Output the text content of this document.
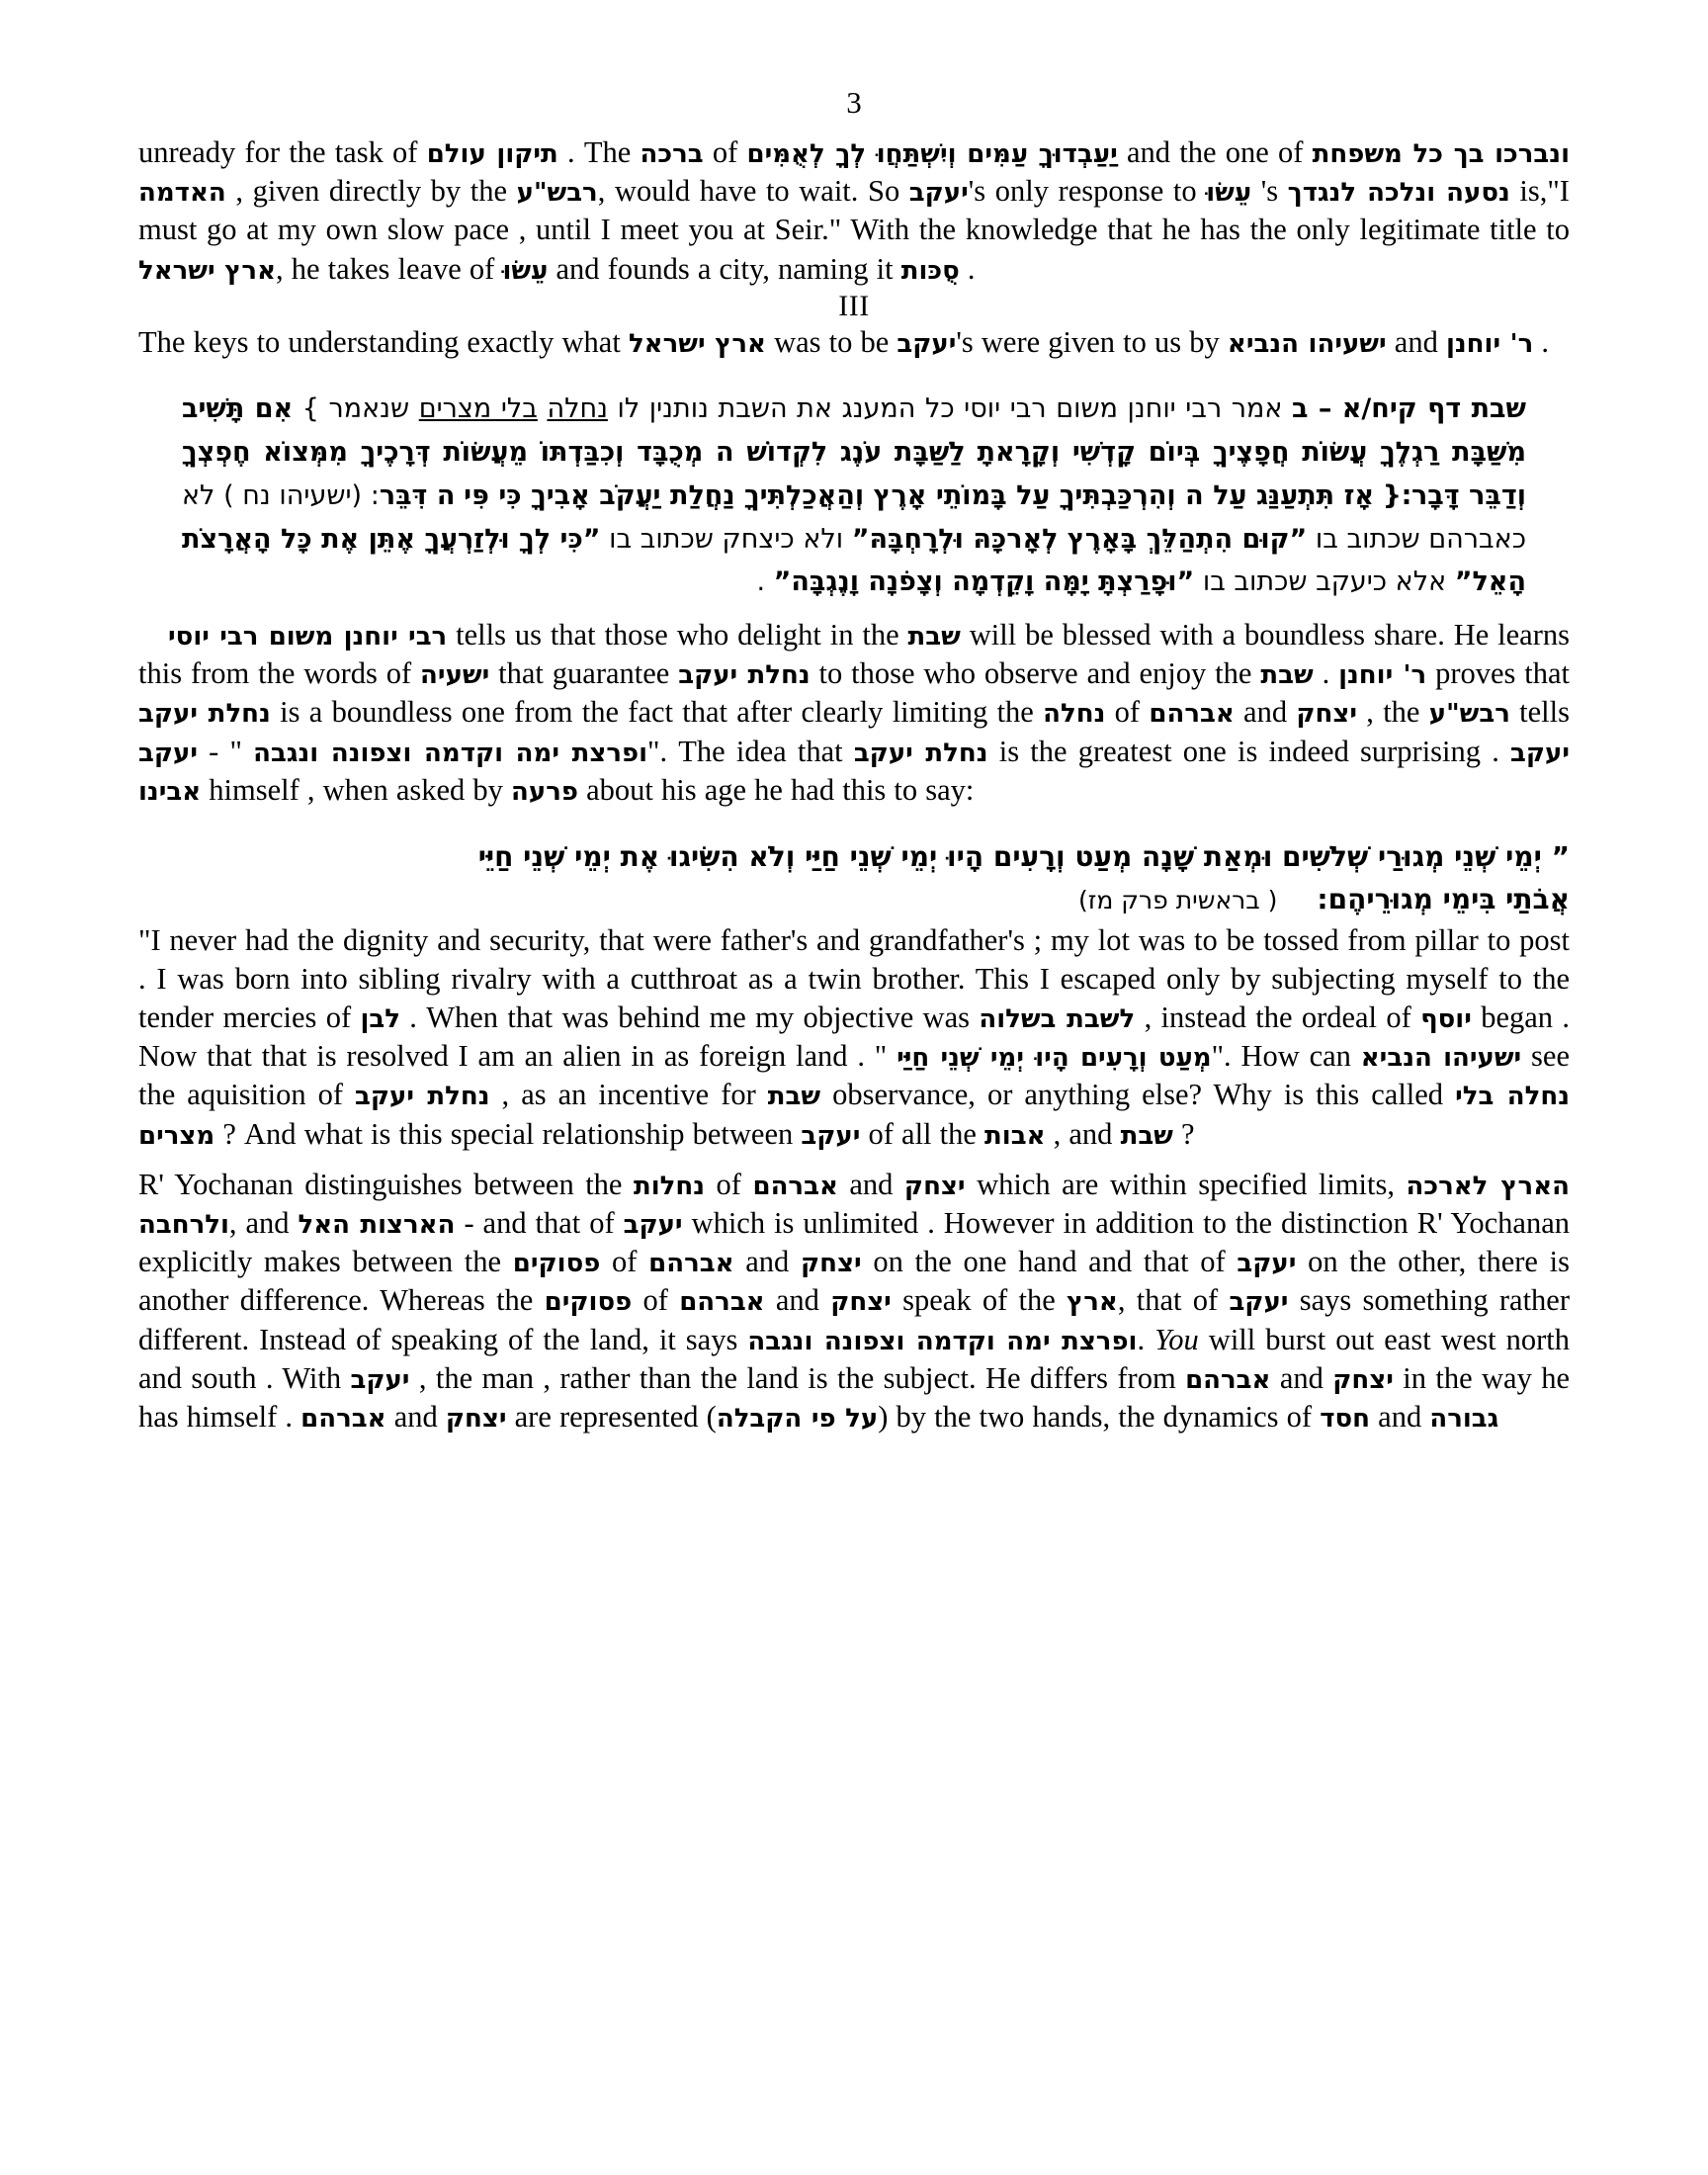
3

unready for the task of תיקון עולם . The ברכה of יַעַבְדוּךָ עַמִּים וְיִשְׁתַּחֲוּ לְךָ לְאֻמִּים and the one of ונברכו בך כל משפחת האדמה , given directly by the רבש"ע, would have to wait. So יעקב's only response to עֵשׂוּ 's נסעה ונלכה לנגדך is,"I must go at my own slow pace , until I meet you at Seir." With the knowledge that he has the only legitimate title to ארץ ישראל, he takes leave of עֵשׂוּ and founds a city, naming it סֻכּות .

III

The keys to understanding exactly what ארץ ישראל was to be יעקב's were given to us by ישעיהו הנביא and ר' יוחנן .

שבת דף קיח/א – ב אמר רבי יוחנן משום רבי יוסי כל המענג את השבת נותנין לו נחלה בלי מצרים שנאמר } אִם תָּשִׁיב מִשַּׁבָּת רַגְלֶךָ עֲשׂוֹת חֲפָצֶיךָ בְּיוֹם קָדְשִׁי וְקָרָאתָ לַשַּׁבָּת עֹנֶג לִקְדוֹשׁ ה מְכֻבָּד וְכִבַּדְתּוֹ מֵעֲשׂוֹת דְּרָכֶיךָ מִמְּצוֹא חֶפְצְךָ וְדַבֵּר דָּבָר׃{ אָז תִּתְעַנַּג עַל ה וְהִרְכַּבְתִּיךָ עַל בָּמוֹתֵי אָרֶץ וְהַאֲכַלְתִּיךָ נַחֲלַת יַעֲקֹב אָבִיךָ כִּי פִּי ה דִּבֵּר: (ישעיהו נח ) לא כאברהם שכתוב בו ”קוּם הִתְהַלֵּךְ בָּאָרֶץ לְאָרכָּהּ וּלְרָחְבָּהּ” ולא כיצחק שכתוב בו ”כִּי לְךָ וּלְזַרְעֲךָ אֶתֵּן אֶת כָּל הָאֲרָצֹת הָאֵל” אלא כיעקב שכתוב בו ”וּפָרַצְתָּ יָמָּה וָקֵדְמָה וְצָפֹנָה וָנֶגְבָּה” .

רבי יוחנן משום רבי יוסי tells us that those who delight in the שבת will be blessed with a boundless share. He learns this from the words of ישעיה that guarantee נחלת יעקב to those who observe and enjoy the שבת . ר' יוחנן proves that נחלת יעקב is a boundless one from the fact that after clearly limiting the נחלה of אברהם and יצחק , the רבש"ע tells יעקב - " ופרצת ימה וקדמה וצפונה ונגבה". The idea that נחלת יעקב is the greatest one is indeed surprising . יעקב אבינו himself , when asked by פרעה about his age he had this to say:

” יְמֵי שְׁנֵי מְגוּרַי שְׁלֹשִׁים וּמְאַת שָׁנָה מְעַט וְרָעִים הָיוּ יְמֵי שְׁנֵי חַיַּי וְלֹא הִשִּׂיגוּ אֶת יְמֵי שְׁנֵי חַיֵּי
אֲבֹתַי בִּימֵי מְגוּרֵיהֶם:
( בראשית פרק מז)

"I never had the dignity and security, that were father's and grandfather's ; my lot was to be tossed from pillar to post . I was born into sibling rivalry with a cutthroat as a twin brother. This I escaped only by subjecting myself to the tender mercies of לבן . When that was behind me my objective was לשבת בשלוה , instead the ordeal of יוסף began . Now that that is resolved I am an alien in as foreign land . " מְעַט וְרָעִים הָיוּ יְמֵי שְׁנֵי חַיַּי". How can ישעיהו הנביא see the aquisition of נחלת יעקב , as an incentive for שבת observance, or anything else? Why is this called נחלה בלי מצרים ? And what is this special relationship between יעקב of all the אבות , and שבת ?

R' Yochanan distinguishes between the נחלות of אברהם and יצחק which are within specified limits, הארץ לארכה ולרחבה, and הארצות האל - and that of יעקב which is unlimited . However in addition to the distinction R' Yochanan explicitly makes between the פסוקים of אברהם and יצחק on the one hand and that of יעקב on the other, there is another difference. Whereas the פסוקים of אברהם and יצחק speak of the ארץ, that of יעקב says something rather different. Instead of speaking of the land, it says ופרצת ימה וקדמה וצפונה ונגבה. You will burst out east west north and south . With יעקב , the man , rather than the land is the subject. He differs from אברהם and יצחק in the way he has himself . אברהם and יצחק are represented (על פי הקבלה) by the two hands, the dynamics of חסד and גבורה
